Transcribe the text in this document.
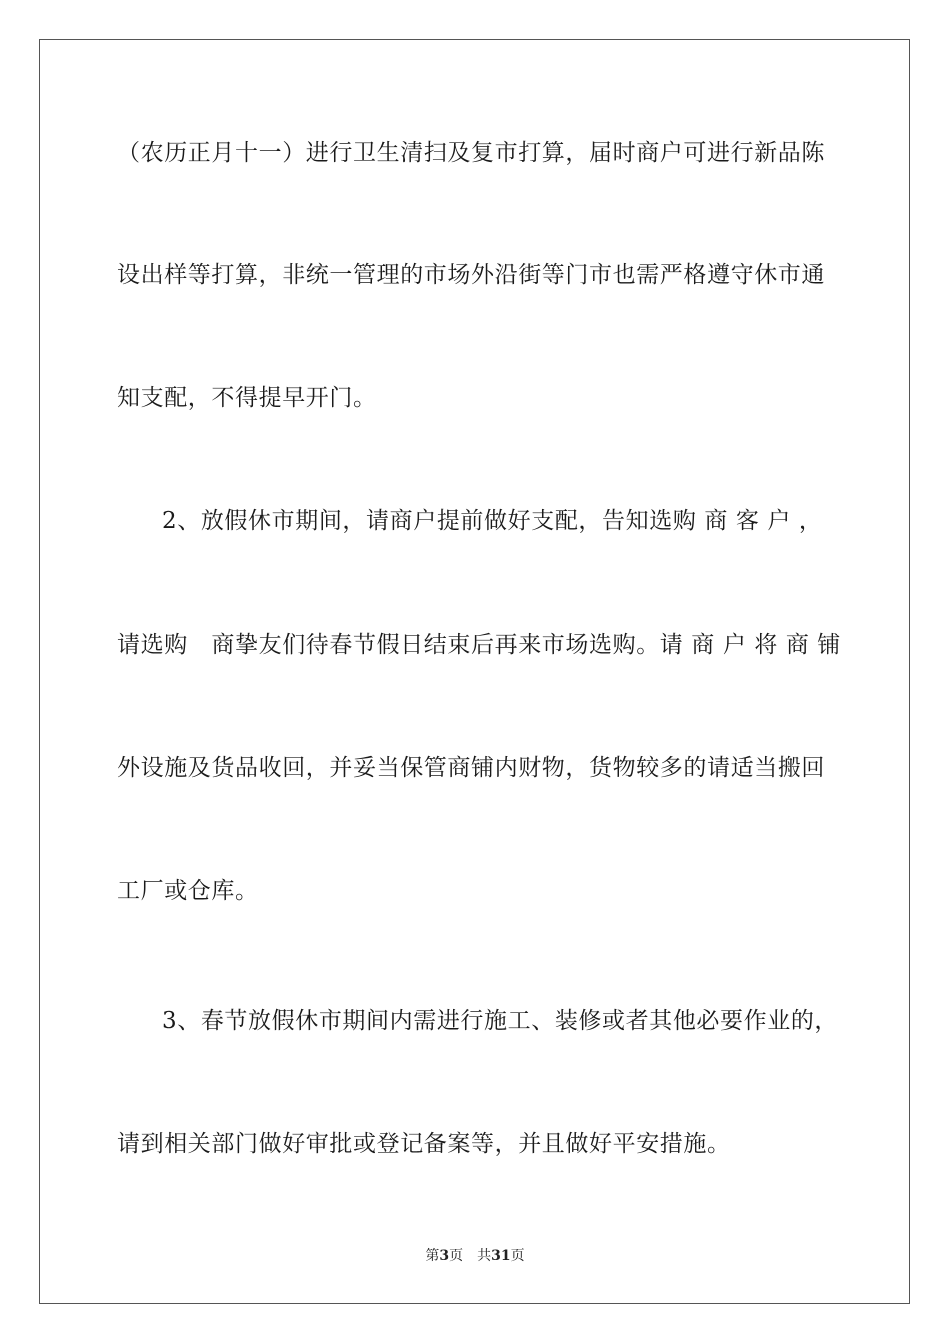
（农历正月十一）进行卫生清扫及复市打算，届时商户可进行新品陈
设出样等打算，非统一管理的市场外沿街等门市也需严格遵守休市通
知支配，不得提早开门。
2、放假休市期间，请商户提前做好支配，告知选购 商 客 户 ，
请选购　商挚友们待春节假日结束后再来市场选购。请 商 户 将 商 铺
外设施及货品收回，并妥当保管商铺内财物，货物较多的请适当搬回
工厂或仓库。
3、春节放假休市期间内需进行施工、装修或者其他必要作业的，
请到相关部门做好审批或登记备案等，并且做好平安措施。
第3页 共31页
